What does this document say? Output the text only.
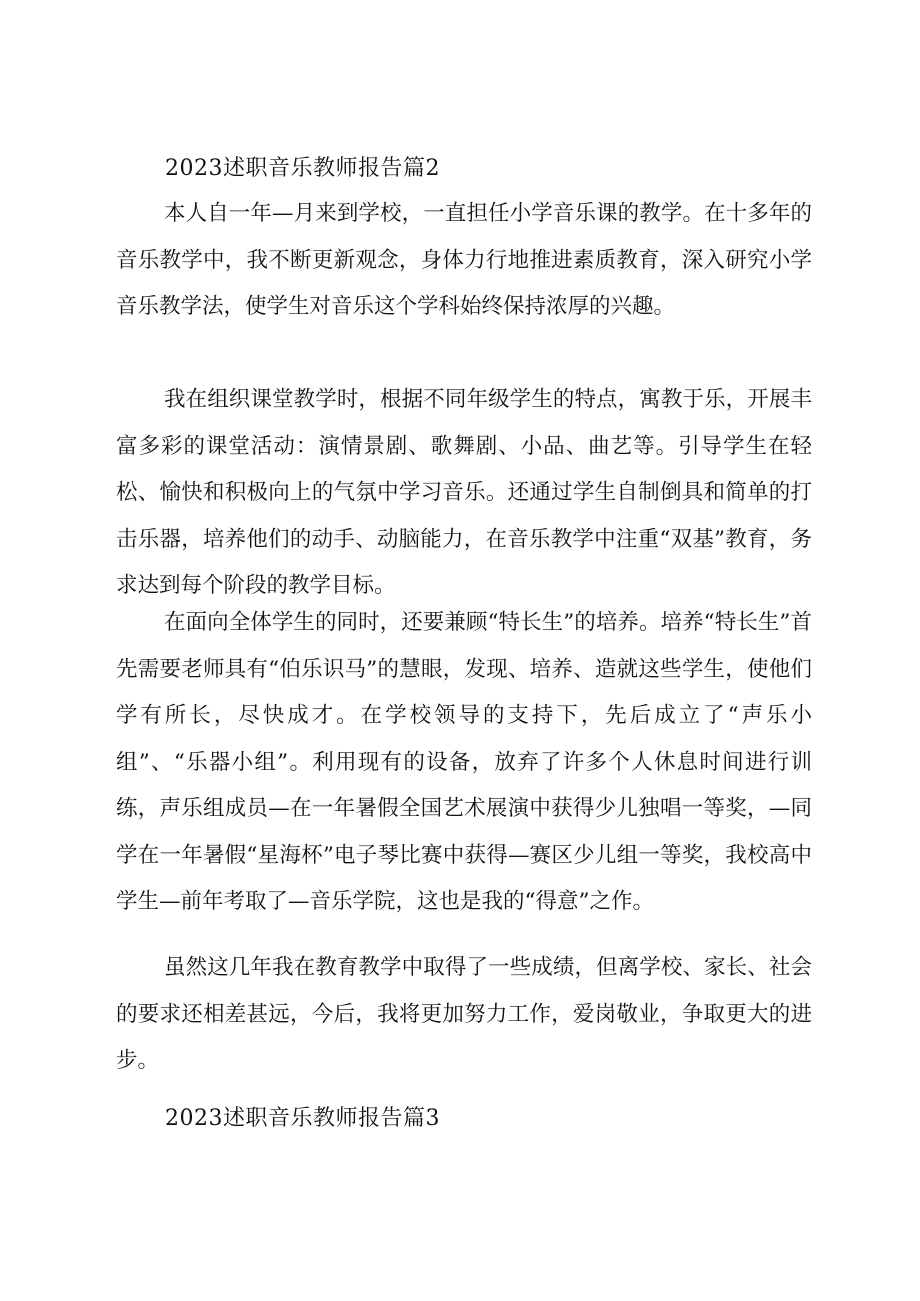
2023述职音乐教师报告篇2

本人自一年—月来到学校，一直担任小学音乐课的教学。在十多年的音乐教学中，我不断更新观念，身体力行地推进素质教育，深入研究小学音乐教学法，使学生对音乐这个学科始终保持浓厚的兴趣。

我在组织课堂教学时，根据不同年级学生的特点，寓教于乐，开展丰富多彩的课堂活动：演情景剧、歌舞剧、小品、曲艺等。引导学生在轻松、愉快和积极向上的气氛中学习音乐。还通过学生自制倒具和简单的打击乐器，培养他们的动手、动脑能力，在音乐教学中注重“双基”教育，务求达到每个阶段的教学目标。

在面向全体学生的同时，还要兼顾“特长生”的培养。培养“特长生”首先需要老师具有“伯乐识马”的慧眼，发现、培养、造就这些学生，使他们学有所长，尽快成才。在学校领导的支持下，先后成立了“声乐小组”、“乐器小组”。利用现有的设备，放弃了许多个人休息时间进行训练，声乐组成员—在一年暑假全国艺术展演中获得少儿独唱一等奖，—同学在一年暑假“星海杯”电子琴比赛中获得—赛区少儿组一等奖，我校高中学生—前年考取了—音乐学院，这也是我的“得意”之作。

虽然这几年我在教育教学中取得了一些成绩，但离学校、家长、社会的要求还相差甚远，今后，我将更加努力工作，爱岗敬业，争取更大的进步。

2023述职音乐教师报告篇3
